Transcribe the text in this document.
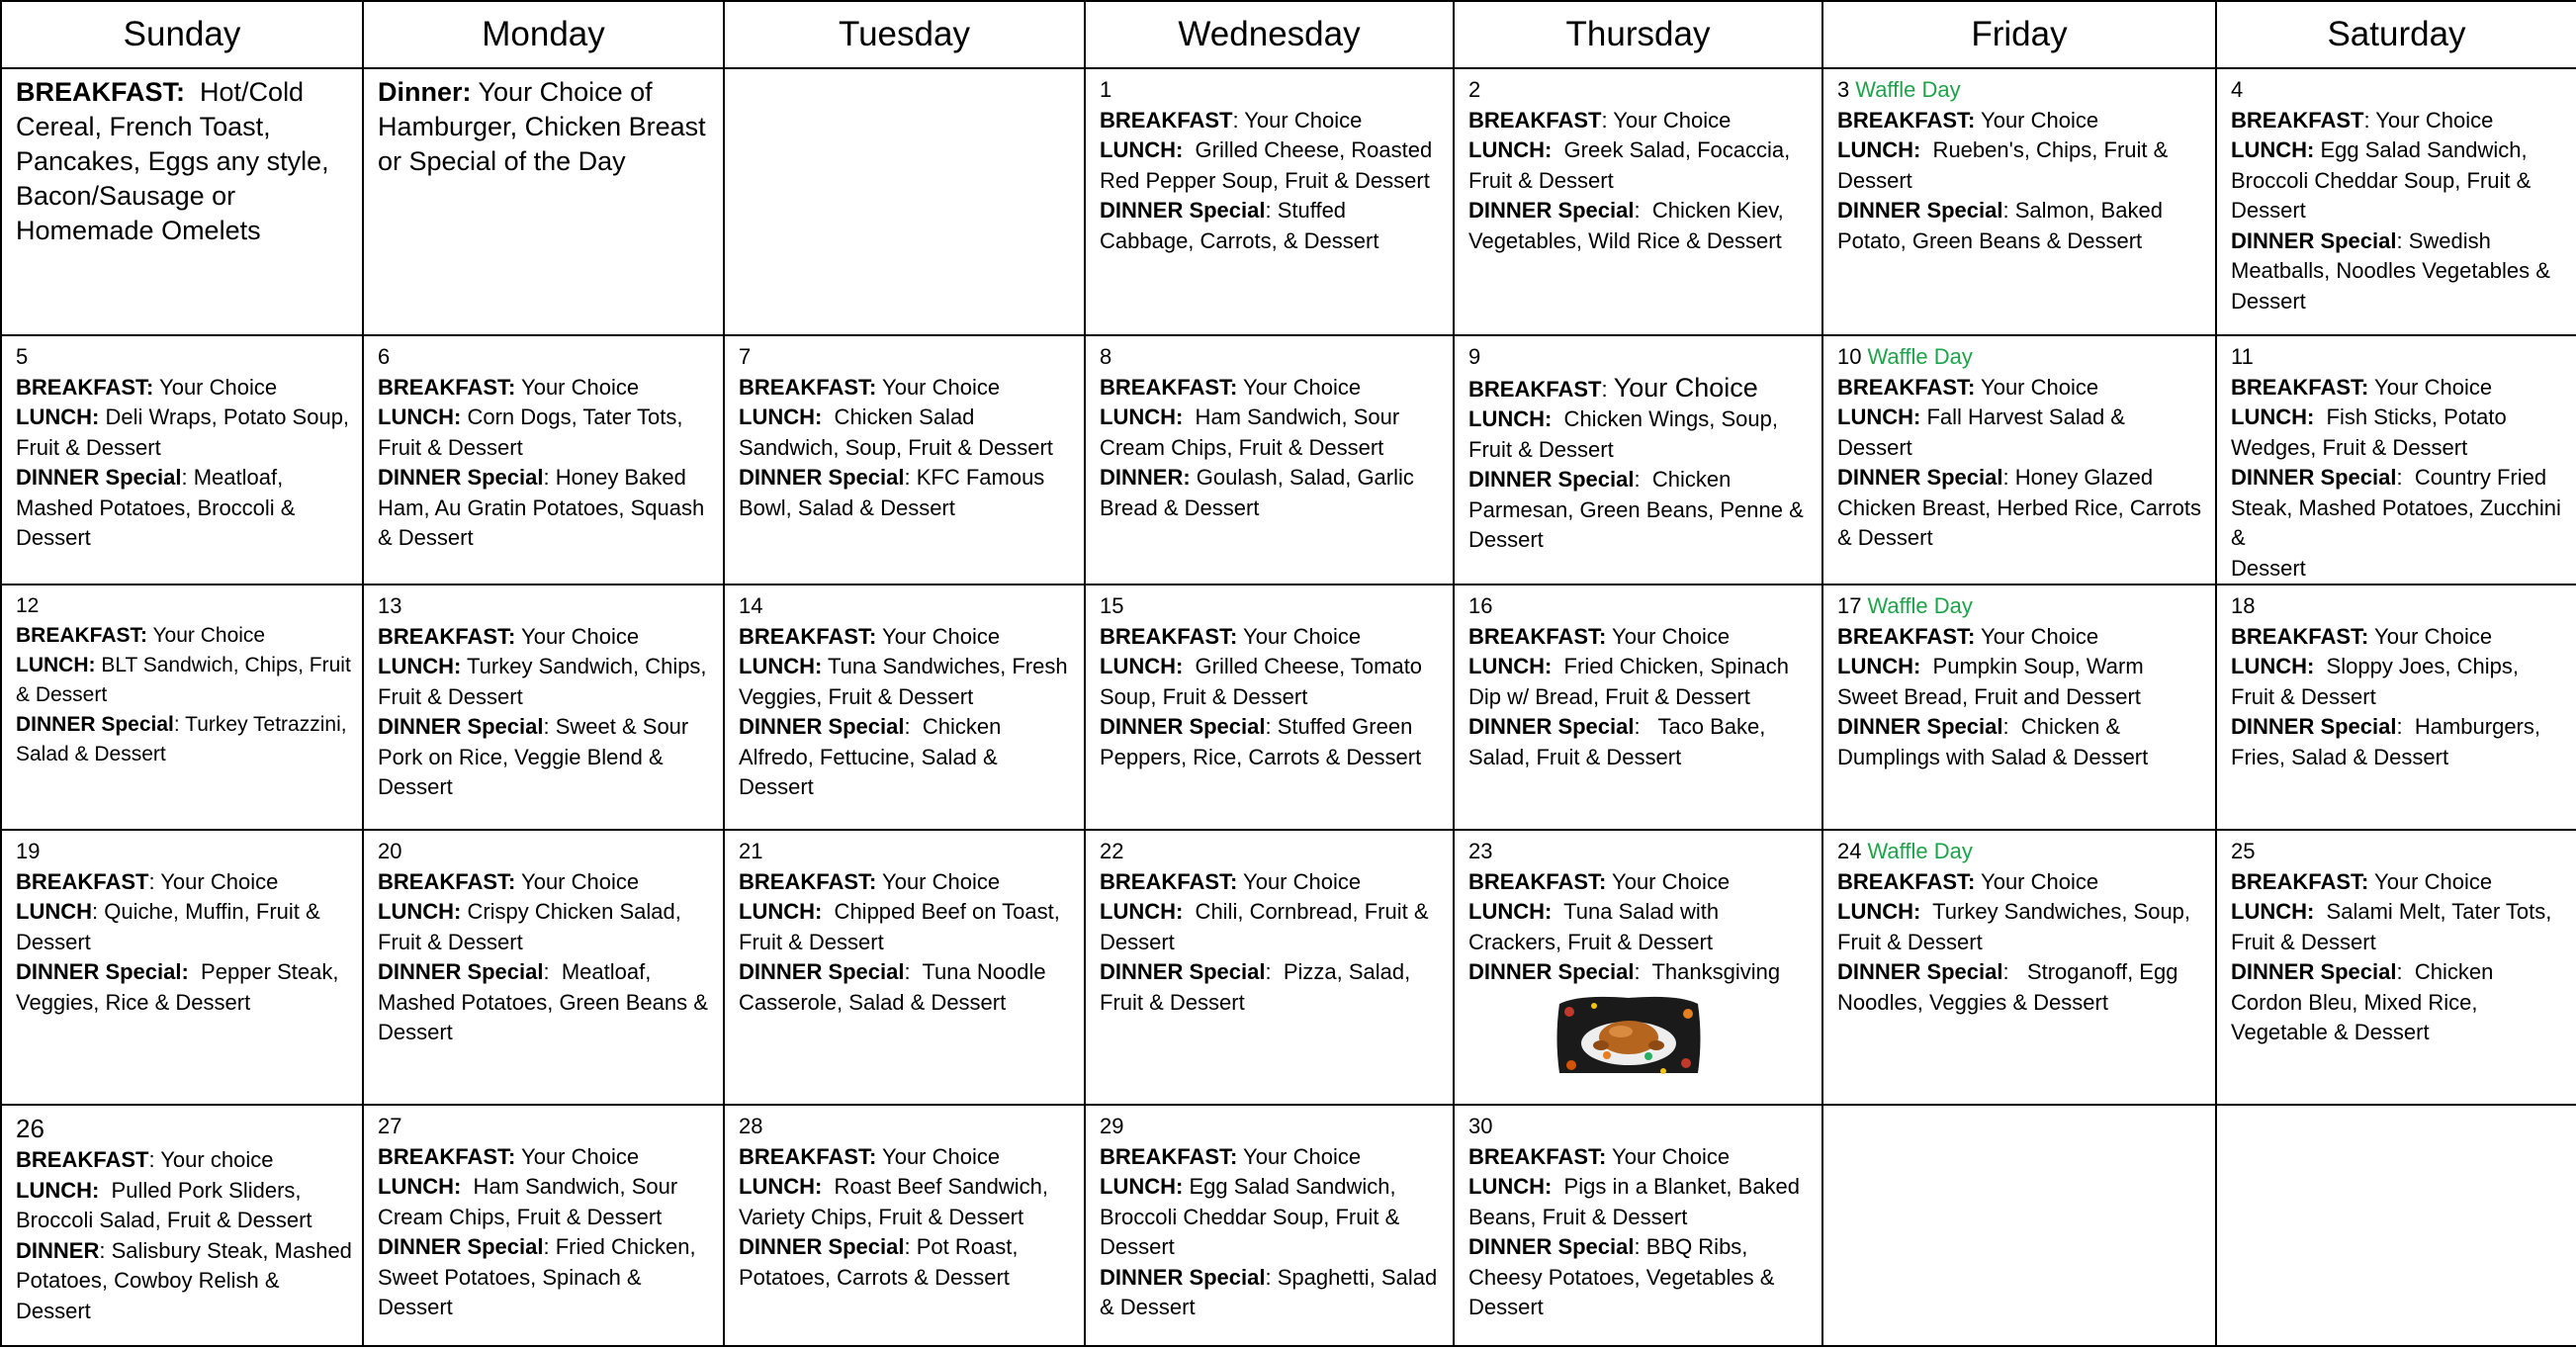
Sunday	Monday	Tuesday	Wednesday	Thursday	Friday	Saturday
BREAKFAST: Hot/Cold Cereal, French Toast, Pancakes, Eggs any style, Bacon/Sausage or Homemade Omelets	Dinner: Your Choice of Hamburger, Chicken Breast or Special of the Day		1
BREAKFAST: Your Choice
LUNCH:  Grilled Cheese, Roasted Red Pepper Soup, Fruit & Dessert
DINNER Special: Stuffed Cabbage, Carrots, & Dessert	2
BREAKFAST: Your Choice
LUNCH:  Greek Salad, Focaccia, Fruit & Dessert
DINNER Special:  Chicken Kiev, Vegetables, Wild Rice & Dessert	3 Waffle Day
BREAKFAST: Your Choice
LUNCH:  Rueben's, Chips, Fruit & Dessert
DINNER Special: Salmon, Baked Potato, Green Beans & Dessert	4
BREAKFAST: Your Choice
LUNCH: Egg Salad Sandwich, Broccoli Cheddar Soup, Fruit & Dessert
DINNER Special: Swedish Meatballs, Noodles Vegetables & Dessert

5
BREAKFAST: Your Choice
LUNCH: Deli Wraps, Potato Soup,
Fruit & Dessert
DINNER Special: Meatloaf, Mashed Potatoes, Broccoli & Dessert	6
BREAKFAST: Your Choice
LUNCH: Corn Dogs, Tater Tots, Fruit & Dessert
DINNER Special: Honey Baked Ham, Au Gratin Potatoes, Squash & Dessert	7
BREAKFAST: Your Choice
LUNCH:  Chicken Salad Sandwich, Soup, Fruit & Dessert
DINNER Special: KFC Famous Bowl, Salad & Dessert	8
BREAKFAST: Your Choice
LUNCH:  Ham Sandwich, Sour Cream Chips, Fruit & Dessert
DINNER: Goulash, Salad, Garlic Bread & Dessert	9
BREAKFAST: Your Choice
LUNCH:  Chicken Wings, Soup, Fruit & Dessert
DINNER Special:  Chicken Parmesan, Green Beans, Penne & Dessert	10 Waffle Day
BREAKFAST: Your Choice
LUNCH: Fall Harvest Salad & Dessert
DINNER Special: Honey Glazed Chicken Breast, Herbed Rice, Carrots & Dessert	11
BREAKFAST: Your Choice
LUNCH:  Fish Sticks, Potato Wedges, Fruit & Dessert
DINNER Special:  Country Fried Steak, Mashed Potatoes, Zucchini &
Dessert

12
BREAKFAST: Your Choice
LUNCH: BLT Sandwich, Chips, Fruit & Dessert
DINNER Special: Turkey Tetrazzini, Salad & Dessert	13
BREAKFAST: Your Choice
LUNCH: Turkey Sandwich, Chips, Fruit & Dessert
DINNER Special: Sweet & Sour Pork on Rice, Veggie Blend & Dessert	14
BREAKFAST: Your Choice
LUNCH: Tuna Sandwiches, Fresh Veggies, Fruit & Dessert
DINNER Special:  Chicken Alfredo, Fettucine, Salad & Dessert	15
BREAKFAST: Your Choice
LUNCH:  Grilled Cheese, Tomato Soup, Fruit & Dessert
DINNER Special: Stuffed Green Peppers, Rice, Carrots & Dessert	16
BREAKFAST: Your Choice
LUNCH:  Fried Chicken, Spinach Dip w/ Bread, Fruit & Dessert
DINNER Special:   Taco Bake, Salad, Fruit & Dessert	17 Waffle Day
BREAKFAST: Your Choice
LUNCH:  Pumpkin Soup, Warm Sweet Bread, Fruit and Dessert
DINNER Special:  Chicken & Dumplings with Salad & Dessert	18
BREAKFAST: Your Choice
LUNCH:  Sloppy Joes, Chips, Fruit & Dessert
DINNER Special:  Hamburgers, Fries, Salad & Dessert

19
BREAKFAST: Your Choice
LUNCH: Quiche, Muffin, Fruit & Dessert
DINNER Special:  Pepper Steak, Veggies, Rice & Dessert	20
BREAKFAST: Your Choice
LUNCH: Crispy Chicken Salad, Fruit & Dessert
DINNER Special:  Meatloaf, Mashed Potatoes, Green Beans & Dessert	21
BREAKFAST: Your Choice
LUNCH:  Chipped Beef on Toast, Fruit & Dessert
DINNER Special:  Tuna Noodle Casserole, Salad & Dessert	22
BREAKFAST: Your Choice
LUNCH:  Chili, Cornbread, Fruit & Dessert
DINNER Special:  Pizza, Salad, Fruit & Dessert	23
BREAKFAST: Your Choice
LUNCH:  Tuna Salad with Crackers, Fruit & Dessert
DINNER Special:  Thanksgiving	24 Waffle Day
BREAKFAST: Your Choice
LUNCH:  Turkey Sandwiches, Soup, Fruit & Dessert
DINNER Special:   Stroganoff, Egg Noodles, Veggies & Dessert	25
BREAKFAST: Your Choice
LUNCH:  Salami Melt, Tater Tots, Fruit & Dessert
DINNER Special:  Chicken Cordon Bleu, Mixed Rice, Vegetable & Dessert

26
BREAKFAST: Your choice
LUNCH:  Pulled Pork Sliders, Broccoli Salad, Fruit & Dessert
DINNER: Salisbury Steak, Mashed Potatoes, Cowboy Relish & Dessert	27
BREAKFAST: Your Choice
LUNCH:  Ham Sandwich, Sour Cream Chips, Fruit & Dessert
DINNER Special: Fried Chicken, Sweet Potatoes, Spinach & Dessert	28
BREAKFAST: Your Choice
LUNCH:  Roast Beef Sandwich, Variety Chips, Fruit & Dessert
DINNER Special: Pot Roast, Potatoes, Carrots & Dessert	29
BREAKFAST: Your Choice
LUNCH: Egg Salad Sandwich, Broccoli Cheddar Soup, Fruit & Dessert
DINNER Special: Spaghetti, Salad & Dessert	30
BREAKFAST: Your Choice
LUNCH:  Pigs in a Blanket, Baked Beans, Fruit & Dessert
DINNER Special: BBQ Ribs, Cheesy Potatoes, Vegetables & Dessert		
